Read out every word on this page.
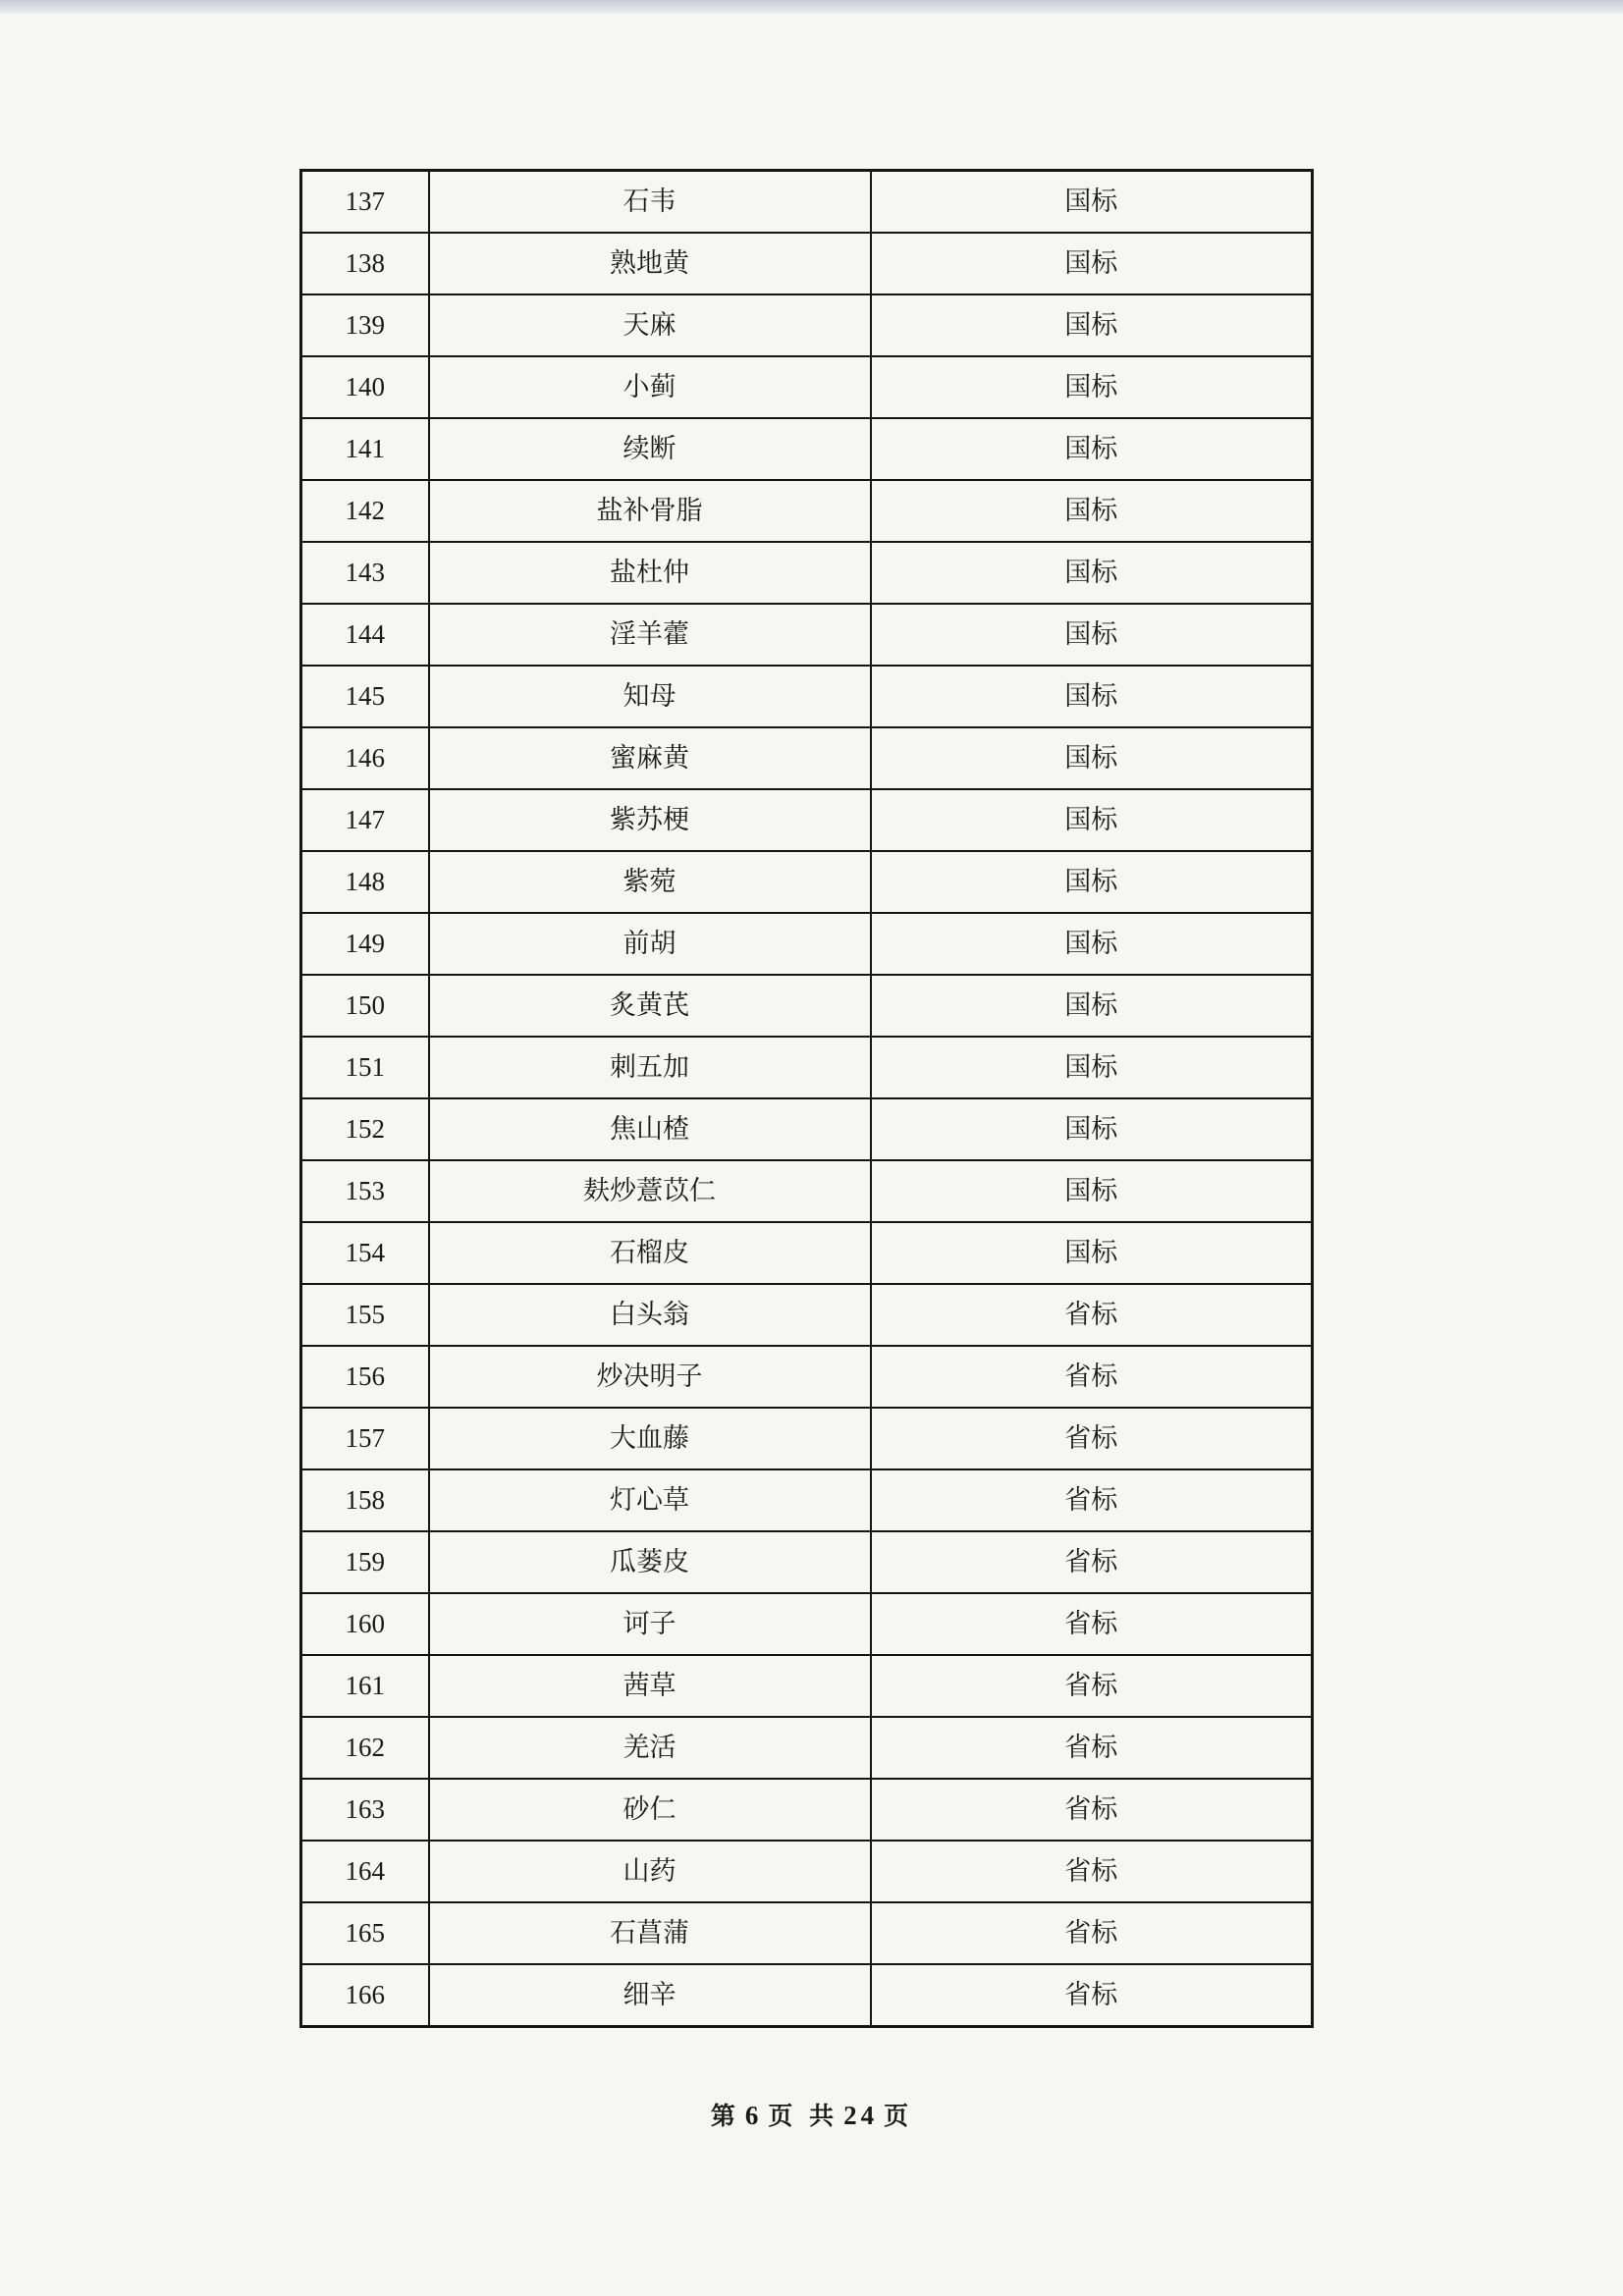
137	石韦	国标
138	熟地黄	国标
139	天麻	国标
140	小蓟	国标
141	续断	国标
142	盐补骨脂	国标
143	盐杜仲	国标
144	淫羊藿	国标
145	知母	国标
146	蜜麻黄	国标
147	紫苏梗	国标
148	紫菀	国标
149	前胡	国标
150	炙黄芪	国标
151	刺五加	国标
152	焦山楂	国标
153	麸炒薏苡仁	国标
154	石榴皮	国标
155	白头翁	省标
156	炒决明子	省标
157	大血藤	省标
158	灯心草	省标
159	瓜蒌皮	省标
160	诃子	省标
161	茜草	省标
162	羌活	省标
163	砂仁	省标
164	山药	省标
165	石菖蒲	省标
166	细辛	省标
第 6 页 共 24 页
